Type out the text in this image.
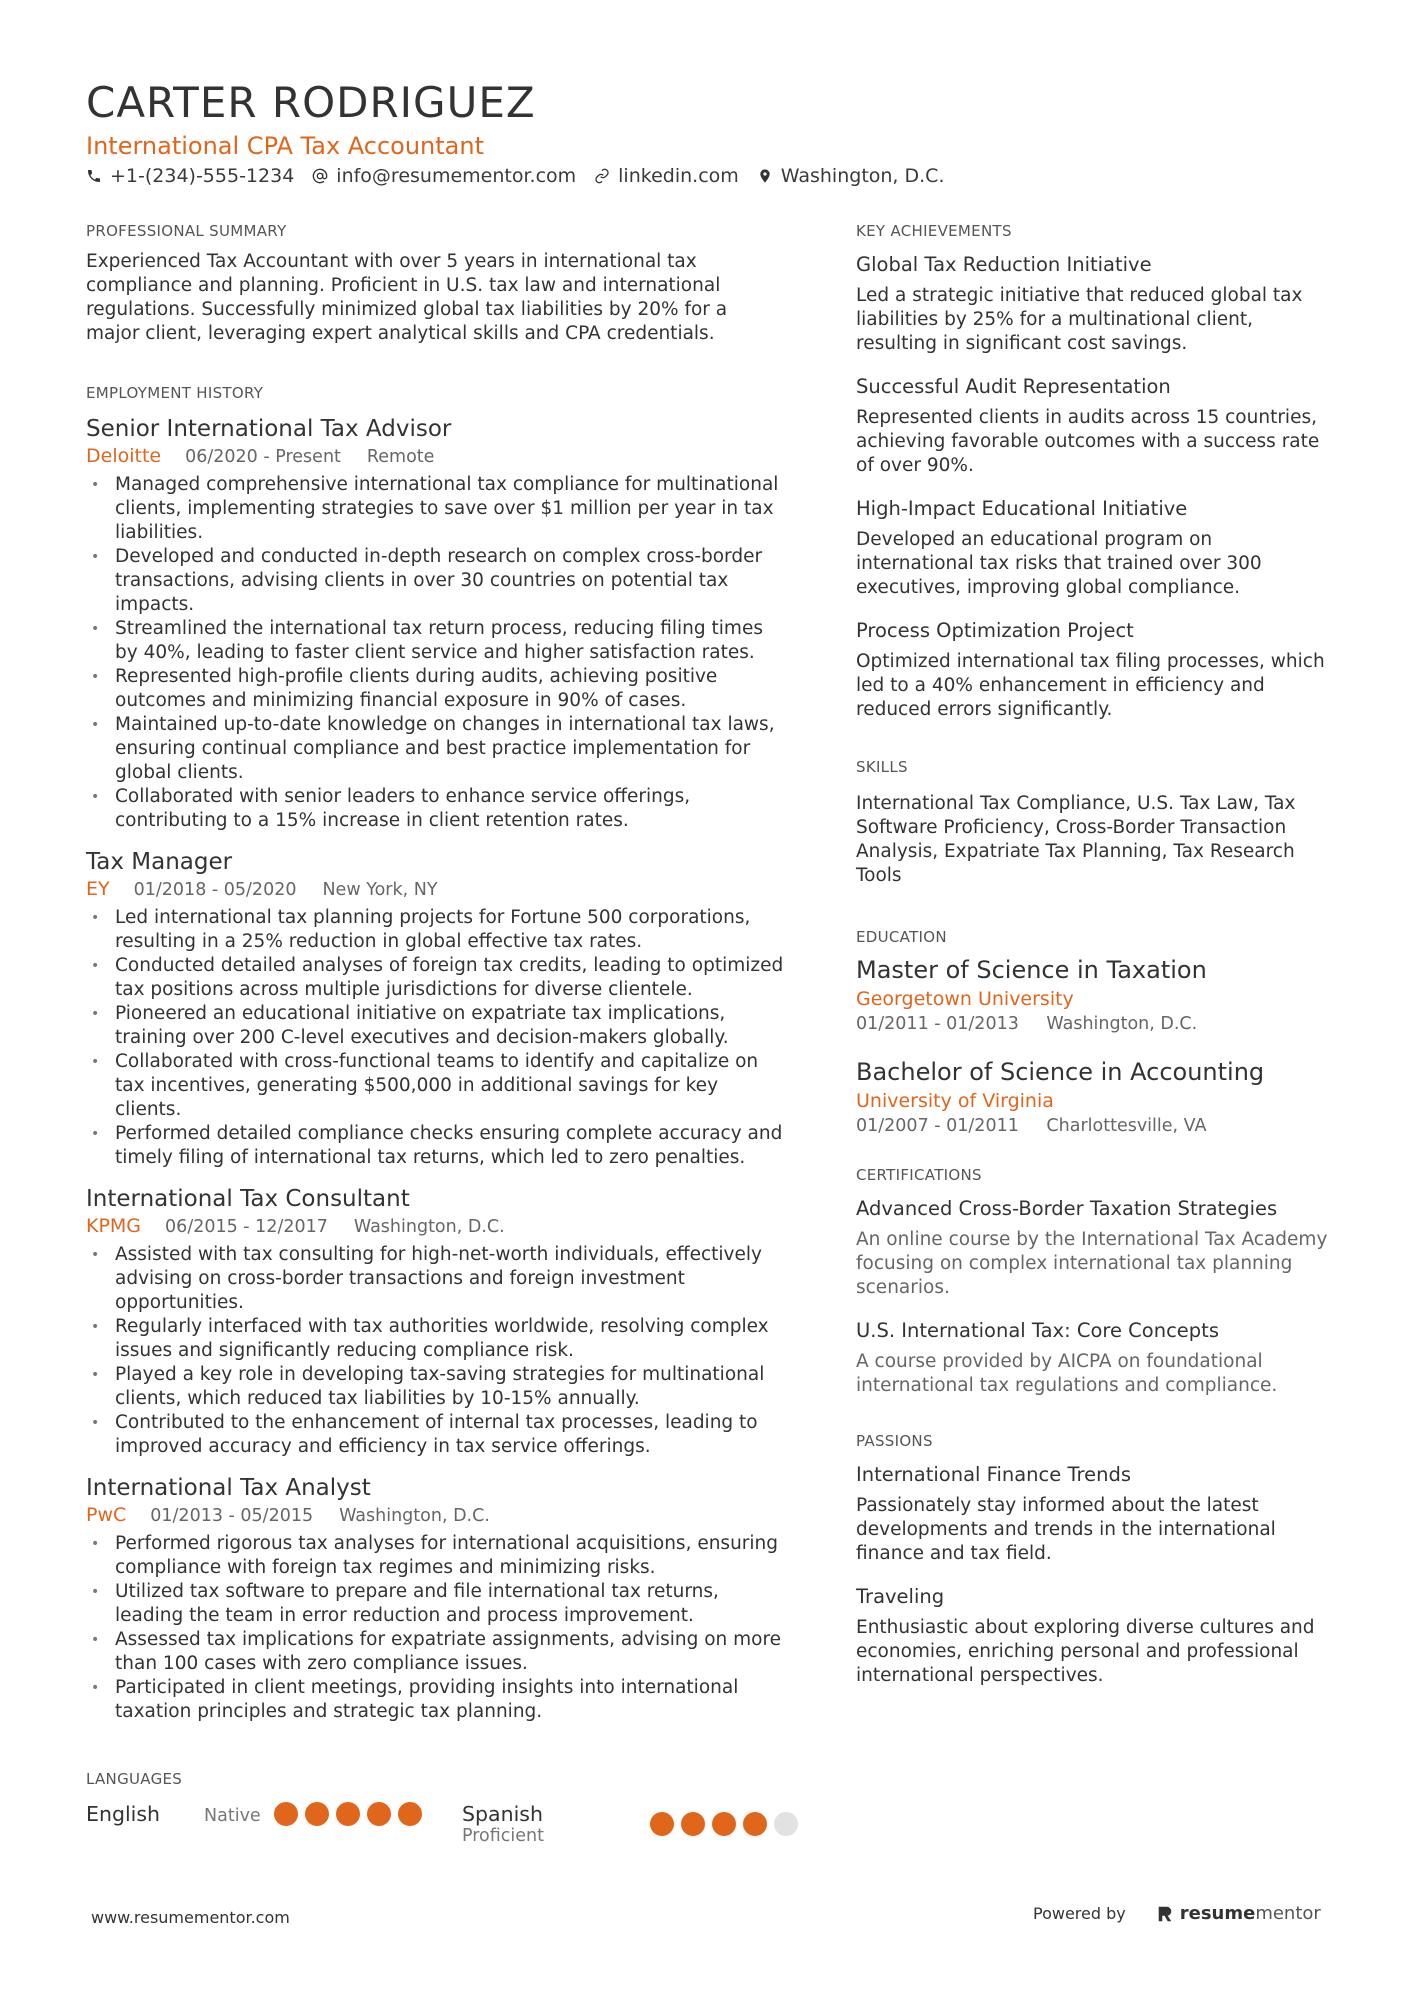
CARTER RODRIGUEZ
International CPA Tax Accountant
+1-(234)-555-1234 info@resumementor.com linkedin.com Washington, D.C.
PROFESSIONAL SUMMARY
Experienced Tax Accountant with over 5 years in international tax compliance and planning. Proficient in U.S. tax law and international regulations. Successfully minimized global tax liabilities by 20% for a major client, leveraging expert analytical skills and CPA credentials.
EMPLOYMENT HISTORY
Senior International Tax Advisor
Deloitte 06/2020 - Present Remote
• Managed comprehensive international tax compliance for multinational clients, implementing strategies to save over $1 million per year in tax liabilities.
• Developed and conducted in-depth research on complex cross-border transactions, advising clients in over 30 countries on potential tax impacts.
• Streamlined the international tax return process, reducing filing times by 40%, leading to faster client service and higher satisfaction rates.
• Represented high-profile clients during audits, achieving positive outcomes and minimizing financial exposure in 90% of cases.
• Maintained up-to-date knowledge on changes in international tax laws, ensuring continual compliance and best practice implementation for global clients.
• Collaborated with senior leaders to enhance service offerings, contributing to a 15% increase in client retention rates.
Tax Manager
EY 01/2018 - 05/2020 New York, NY
• Led international tax planning projects for Fortune 500 corporations, resulting in a 25% reduction in global effective tax rates.
• Conducted detailed analyses of foreign tax credits, leading to optimized tax positions across multiple jurisdictions for diverse clientele.
• Pioneered an educational initiative on expatriate tax implications, training over 200 C-level executives and decision-makers globally.
• Collaborated with cross-functional teams to identify and capitalize on tax incentives, generating $500,000 in additional savings for key clients.
• Performed detailed compliance checks ensuring complete accuracy and timely filing of international tax returns, which led to zero penalties.
International Tax Consultant
KPMG 06/2015 - 12/2017 Washington, D.C.
• Assisted with tax consulting for high-net-worth individuals, effectively advising on cross-border transactions and foreign investment opportunities.
• Regularly interfaced with tax authorities worldwide, resolving complex issues and significantly reducing compliance risk.
• Played a key role in developing tax-saving strategies for multinational clients, which reduced tax liabilities by 10-15% annually.
• Contributed to the enhancement of internal tax processes, leading to improved accuracy and efficiency in tax service offerings.
International Tax Analyst
PwC 01/2013 - 05/2015 Washington, D.C.
• Performed rigorous tax analyses for international acquisitions, ensuring compliance with foreign tax regimes and minimizing risks.
• Utilized tax software to prepare and file international tax returns, leading the team in error reduction and process improvement.
• Assessed tax implications for expatriate assignments, advising on more than 100 cases with zero compliance issues.
• Participated in client meetings, providing insights into international taxation principles and strategic tax planning.
LANGUAGES
English	Native	Spanish
Proficient
KEY ACHIEVEMENTS
Global Tax Reduction Initiative
Led a strategic initiative that reduced global tax liabilities by 25% for a multinational client, resulting in significant cost savings.
Successful Audit Representation
Represented clients in audits across 15 countries, achieving favorable outcomes with a success rate of over 90%.
High-Impact Educational Initiative
Developed an educational program on international tax risks that trained over 300 executives, improving global compliance.
Process Optimization Project
Optimized international tax filing processes, which led to a 40% enhancement in efficiency and reduced errors significantly.
SKILLS
International Tax Compliance, U.S. Tax Law, Tax Software Proficiency, Cross-Border Transaction Analysis, Expatriate Tax Planning, Tax Research Tools
EDUCATION
Master of Science in Taxation
Georgetown University
01/2011 - 01/2013 Washington, D.C.
Bachelor of Science in Accounting
University of Virginia
01/2007 - 01/2011 Charlottesville, VA
CERTIFICATIONS
Advanced Cross-Border Taxation Strategies
An online course by the International Tax Academy focusing on complex international tax planning scenarios.
U.S. International Tax: Core Concepts
A course provided by AICPA on foundational international tax regulations and compliance.
PASSIONS
International Finance Trends
Passionately stay informed about the latest developments and trends in the international finance and tax field.
Traveling
Enthusiastic about exploring diverse cultures and economies, enriching personal and professional international perspectives.
www.resumementor.com	Powered by	resume mentor
